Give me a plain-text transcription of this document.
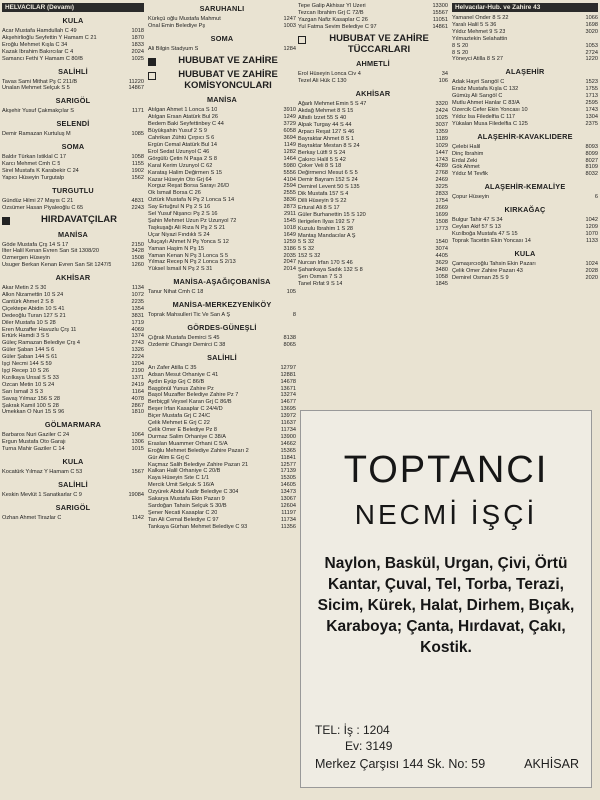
HELVACILAR (Devamı)
KULA
Acar Mustafa Hamdullah C 49	1018
Akşehirlioğlu Seyfettin Y Hamam C 21	1870
Eroğlu Mehmet Kışla C 34	1833
Kazak İbrahim Bakırcılar C 4	2024
Samancı Fethi Y Hamam C 80/B	1025
SALİHLİ
Tavas Sami Mithat Pş C 211/B	11220
Ünalan Mehmet Selçuk S 5	14867
SARIGÖL
Akşehir Yusuf Çakmakçılar S	1171
SELENDİ
Demir Ramazan Kurtuluş M	1085
SOMA
Baldır Türkan İstiklal C 17	1058
Karcı Mehmet Cmh C 5	1155
Sirel Mustafa K Karabekir C 24	1902
Yapıcı Hüseyin Turgutalp	1562
TURGUTLU
Gündüz Hilmi 27 Mayıs C 21	4831
Özsümer Hasan Piyaleoğlu C 65	2243
HIRDAVATÇILAR
MANİSA
Göde Mustafa Çrş 14 S 17	2150
İlter Halil Kenan Evren San Sit 1308/20	3428
Özmergen Hüseyin	1508
Usuger Berkan Kenan Evren San Sit 1247/5	1260
AKHİSAR
Akar Metin 2 S 30	1134
Alkın Nizamettin 10 S 24	1072
Cantürk Ahmet 2 S 8	2235
Çiçektepe Abidin 10 S 41	1354
Dedeoğlu Turan 127 S 21	3831
Diler Mustafa 10 S 28	1719
Eren Muzaffer Havuzlu Çrş 11	4069
Ertürk Hamdi 3 S 5	1374
Güleç Ramazan Belediye Çrş 4	2743
Güler Şaban 144 S 6	1326
Güler Şaban 144 S 61	2224
İşçi Necmi 144 S 59	1204
İşçi Recep 10 S 26	2190
Kızılkaya Ünsal S S 33	1371
Özcan Metin 10 S 24	2419
Sarı İsmail 3 S 3	1164
Savaş Yılmaz 156 S 28	4078
Şakrak Kamil 100 S 28	2867
Ümekkan O Nuri 15 S 96	1810
GÖLMARMARA
Barbaros Nuri Gaziler C 24	1064
Ergun Mustafa Oto Garajı	1306
Turna Mahir Gaziler C 14	1015
KULA
Kocatürk Yılmaz Y Hamam C 53	1567
SALİHLİ
Keskin Mevlüt 1 Sanatkarlar C 9	19084
SARIGÖL
Özhan Ahmet Tirazlar C	1142
SARUHANLI
Kürkçü oğlu Mustafa Mahmut	1247
Önal Emin Belediye Pş	1003
SOMA
Ali Bilgin Stadyum S	1284
HUBUBAT VE ZAHİRE
HUBUBAT VE ZAHİRE KOMİSYONCULARI
MANİSA
Atılgan Ahmet 1 Lonca S 10	3910
Atılgan Ersan Atatürk Bul 26	1249
Bedem Baki Seyfettinbey C 44	3729
Büyükşahin Yusuf 2 S 9	6058
Cahrikan Zühtü Çırpıcı S 6	3694
Ergün Cemal Atatürk Bul 14	1149
Erol Sedat Uzunyol C 46	1282
Görgülü Çetin N Paşa 2 S 8	1464
Karal Kerim Uzunyol C 62	5980
Karataş Halim Değirmen S 15	5556
Kazar Hüseyin Oto Grj 64	4104
Korguz Reşat Borsa Sarayı 26/D	2594
Ok İsmail Borsa C 26	2555
Öztürk Mustafa N Pş 2 Lonca S 14	3836
Say Ertuğrul N Pş 2 S 16	2873
Sel Yusuf Nişancı Pş 2 S 16	2911
Şahin Mehmet Uzun Pz Uzunyol 72	1545
Taşkuşağı Ali Rıza N Pş 2 S 21	1018
Uçar Niyazi Fındıklı S 24	1649
Uluçaylı Ahmet N Pş Yonca S 12	1259
Yaman Haşim N Pş 15	3186
Yaman Kenan N Pş 3 Lonca S 5	2035
Yılmaz Recep N Pş 2 Lonca S 2/13	2047
Yüksel İsmail N Pş 2 S 31	2014
MANİSA-AŞAĞIÇOBANİSA
Tanur Nihat Cmh C 18	105
MANİSA-MERKEZYENİKÖY
Toprak Mahsulleri Tic Ve San A Ş	8
GÖRDES-GÜNEŞLİ
Çığrak Mustafa Demirci S 45	8138
Özdemir Cihangir Demirci C 38	8065
SALİHLİ
Arı Zafer Atilla C 35	12797
Adsan Mesut Orhaniye C 41	12881
Aydın Eyüp Grj C 86/B	14678
Başgönül Yunus Zahire Pz	13671
Başol Muzaffer Belediye Zahire Pz 7	13274
Berbiçgil Veysel Karan Grj C 86/B	14677
Beşer İrfan Kasaplar C 24/4/D	13695
Biçer Mustafa Grj C 24/C	13972
Çelik Mehmet E Grj C 22	11637
Çelik Ömer E Belediye Pz 8	11734
Durmaz Salim Orhaniye C 38/A	13900
Eraslan Muammer Orhani C 5/A	14662
Eroğlu Mehmet Belediye Zahire Pazarı 2	15365
Gür Alim E Grj C	11841
Kaçmaz Salih Belediye Zahire Pazarı 21	12577
Kalkan Halil Orhaniye C 20/B	17139
Kaya Hüseyin Sıte C 1/1	15305
Mercik Ümit Selçuk S 16/A	14605
Özyürek Abdul Kadir Belediye C 304	13473
Sakarya Mustafa Ekin Pazarı 9	13067
Sardoğan Tahsin Selçuk S 30/B	12604
Şener Necati Kasaplar C 20	11197
Tan Ali Cemal Belediye C 97	11734
Tankaya Gürhan Mehmet Belediye C 93	11356
Tepe Galip Akhisar Yl Üzeri	13300
Tezcan İbrahim Grj C 72/B	15567
Yazgan Nafiz Kasaplar C 26	11051
Yul Fatma Sevim Belediye C 97	14861
HUBUBAT VE ZAHİRE TÜCCARLARI
AHMETLİ
Erol Hüseyin Lonca Civ 4	34
Tezel Ali Hük C 130	106
AKHİSAR
Ağarlı Mehmet Emin 5 S 47	3320
Akdağ Mehmet 8 S 15	2424
Alfatlı İzzet 55 S 40	1025
Alpak Turgay 44 S 44	3037
Arpacı Reşat 127 S 46	1359
Bayraktar Ahmet 8 S 1	1189
Bayraktar Mestan 8 S 24	1029
Berkay Lütfi 9 S 24	1447
Çakırcı Halil 5 S 42	1743
Çoker Veli 8 S 18	4289
Değirmenci Mesut 6 S 5	2768
Demir Bayram 152 S 24	2469
Demirel Levent 50 S 135	3225
Dik Mustafa 157 S 4	2833
Dilli Hüseyin 9 S 22	1754
Ertural Ali 8 S 17	2669
Güler Burhanettin 15 S 120	1699
İlerigelen İlyas 192 S 7	1508
Kuzulu İbrahim 1 S 28	1773
Mantaş Mandacılar A Ş
5 S 32	1540
5 S 32	3074
152 S 32	4405
Nurcan İrfan 170 S 46	3629
Şahankaya Sadık 132 S 8	3480
Şen Osman 7 S 3	1058
Tanel Rıfat 9 S 14	1845
Helvacılar-Hub. ve Zahire 43
Yamanel Önder 8 S 22	1066
Yaralı Halil 5 S 36	1698
Yıldız Mehmet 9 S 23	3020
Yılmaztekin Selahattin
8 S 20	1053
8 S 20	2724
Yöneyci Atilla 8 S 27	1220
ALAŞEHİR
Adak Hayri Sarıgöl C	1523
Ersöz Mustafa Kışla C 132	1755
Gümüş Ali Sarıgöl C	1713
Mutlu Ahmet Hanlar C 83/A	2595
Özercik Cefer Ekin Yoncası 10	1743
Yıldız İsa Filedelfia C 117	1304
Yükalan Musa Filedelfia C 125	2375
ALAŞEHİR-KAVAKLIDERE
Çelebi Halil	8093
Dinç İbrahim	8099
Erdal Zeki	8027
Gök Ahmet	8109
Yıldız M Tevfik	8032
ALAŞEHİR-KEMALİYE
Çopur Hüseyin	6
KIRKAĞAÇ
Bulgur Tahir 47 S 34	1042
Ceylan Akif 57 S 13	1209
Kızılboğa Mustafa 47 S 15	1070
Toprak Tacettin Ekin Yoncası 14	1133
KULA
Çamaşırcıoğlu Tahsin Ekin Pazarı	1024
Çelik Ömer Zahire Pazarı 43	2028
Demirel Osman 25 S 9	2020
TOPTANCI
NECMİ İŞÇİ
Naylon, Baskül, Urgan, Çivi, Örtü
Kantar, Çuval, Tel, Torba, Terazi,
Sicim, Kürek, Halat, Dirhem, Bıçak,
Karaboya; Çanta, Hırdavat, Çakı,
Kostik.
TEL: İş : 1204
Ev: 3149
Merkez Çarşısı 144 Sk. No: 59	AKHİSAR
